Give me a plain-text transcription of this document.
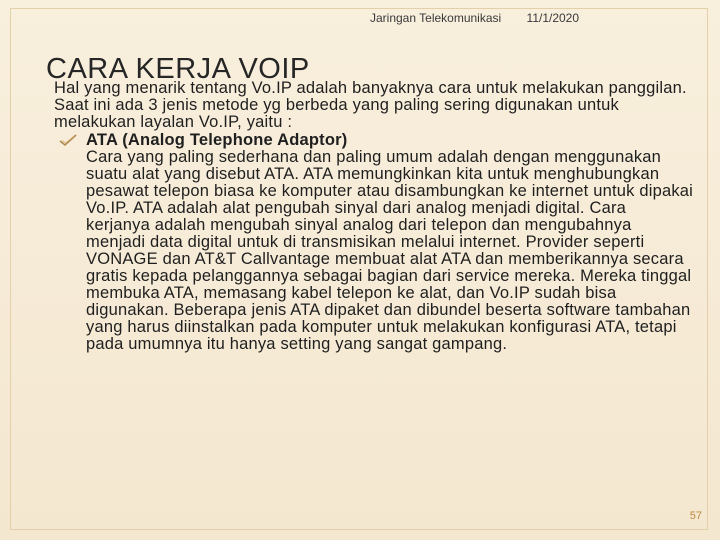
Jaringan Telekomunikasi 11/1/2020
CARA KERJA VOIP

Hal yang menarik tentang Vo.IP adalah banyaknya cara untuk melakukan panggilan. Saat ini ada 3 jenis metode yg berbeda yang paling sering digunakan untuk melakukan layalan Vo.IP, yaitu :

ATA (Analog Telephone Adaptor)
Cara yang paling sederhana dan paling umum adalah dengan menggunakan suatu alat yang disebut ATA. ATA memungkinkan kita untuk menghubungkan pesawat telepon biasa ke komputer atau disambungkan ke internet untuk dipakai Vo.IP. ATA adalah alat pengubah sinyal dari analog menjadi digital. Cara kerjanya adalah mengubah sinyal analog dari telepon dan mengubahnya menjadi data digital untuk di transmisikan melalui internet. Provider seperti VONAGE dan AT&T Callvantage membuat alat ATA dan memberikannya secara gratis kepada pelanggannya sebagai bagian dari service mereka. Mereka tinggal membuka ATA, memasang kabel telepon ke alat, dan Vo.IP sudah bisa digunakan. Beberapa jenis ATA dipaket dan dibundel beserta software tambahan yang harus diinstalkan pada komputer untuk melakukan konfigurasi ATA, tetapi pada umumnya itu hanya setting yang sangat gampang.
57
